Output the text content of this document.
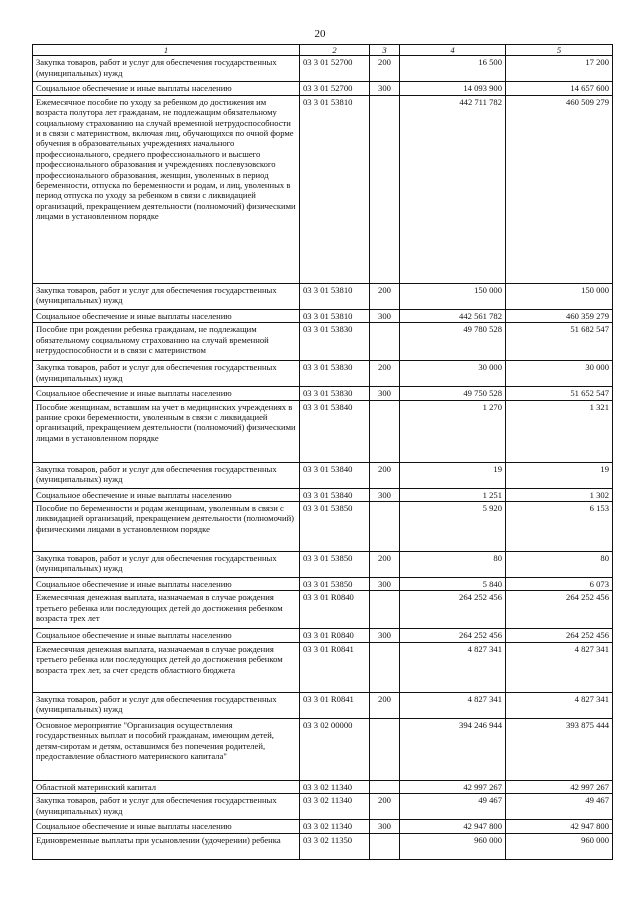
20
1	2	3	4	5
Закупка товаров, работ и услуг для обеспечения государственных (муниципальных) нужд	03 3 01 52700	200	16 500	17 200
Социальное обеспечение и иные выплаты населению	03 3 01 52700	300	14 093 900	14 657 600
Ежемесячное пособие по уходу за ребенком до достижения им возраста полутора лет гражданам, не подлежащим обязательному социальному страхованию на случай временной нетрудоспособности и в связи с материнством, включая лиц, обучающихся по очной форме обучения в образовательных учреждениях начального профессионального, среднего профессионального и высшего профессионального образования и учреждениях послевузовского профессионального образования, женщин, уволенных в период беременности, отпуска по беременности и родам, и лиц, уволенных в период отпуска по уходу за ребенком в связи с ликвидацией организаций, прекращением деятельности (полномочий) физическими лицами в установленном порядке	03 3 01 53810		442 711 782	460 509 279
Закупка товаров, работ и услуг для обеспечения государственных (муниципальных) нужд	03 3 01 53810	200	150 000	150 000
Социальное обеспечение и иные выплаты населению	03 3 01 53810	300	442 561 782	460 359 279
Пособие при рождении ребенка гражданам, не подлежащим обязательному социальному страхованию на случай временной нетрудоспособности и в связи с материнством	03 3 01 53830		49 780 528	51 682 547
Закупка товаров, работ и услуг для обеспечения государственных (муниципальных) нужд	03 3 01 53830	200	30 000	30 000
Социальное обеспечение и иные выплаты населению	03 3 01 53830	300	49 750 528	51 652 547
Пособие женщинам, вставшим на учет в медицинских учреждениях в ранние сроки беременности, уволенным в связи с ликвидацией организаций, прекращением деятельности (полномочий) физическими лицами в установленном порядке	03 3 01 53840		1 270	1 321
Закупка товаров, работ и услуг для обеспечения государственных (муниципальных) нужд	03 3 01 53840	200	19	19
Социальное обеспечение и иные выплаты населению	03 3 01 53840	300	1 251	1 302
Пособие по беременности и родам женщинам, уволенным в связи с ликвидацией организаций, прекращением деятельности (полномочий) физическими лицами в установленном порядке	03 3 01 53850		5 920	6 153
Закупка товаров, работ и услуг для обеспечения государственных (муниципальных) нужд	03 3 01 53850	200	80	80
Социальное обеспечение и иные выплаты населению	03 3 01 53850	300	5 840	6 073
Ежемесячная денежная выплата, назначаемая в случае рождения третьего ребенка или последующих детей до достижения ребенком возраста трех лет	03 3 01 R0840		264 252 456	264 252 456
Социальное обеспечение и иные выплаты населению	03 3 01 R0840	300	264 252 456	264 252 456
Ежемесячная денежная выплата, назначаемая в случае рождения третьего ребенка или последующих детей до достижения ребенком возраста трех лет, за счет средств областного бюджета	03 3 01 R0841		4 827 341	4 827 341
Закупка товаров, работ и услуг для обеспечения государственных (муниципальных) нужд	03 3 01 R0841	200	4 827 341	4 827 341
Основное мероприятие "Организация осуществления государственных выплат и пособий гражданам, имеющим детей, детям-сиротам и детям, оставшимся без попечения родителей, предоставление областного материнского капитала"	03 3 02 00000		394 246 944	393 875 444
Областной материнский капитал	03 3 02 11340		42 997 267	42 997 267
Закупка товаров, работ и услуг для обеспечения государственных (муниципальных) нужд	03 3 02 11340	200	49 467	49 467
Социальное обеспечение и иные выплаты населению	03 3 02 11340	300	42 947 800	42 947 800
Единовременные выплаты при усыновлении (удочерении) ребенка	03 3 02 11350		960 000	960 000
